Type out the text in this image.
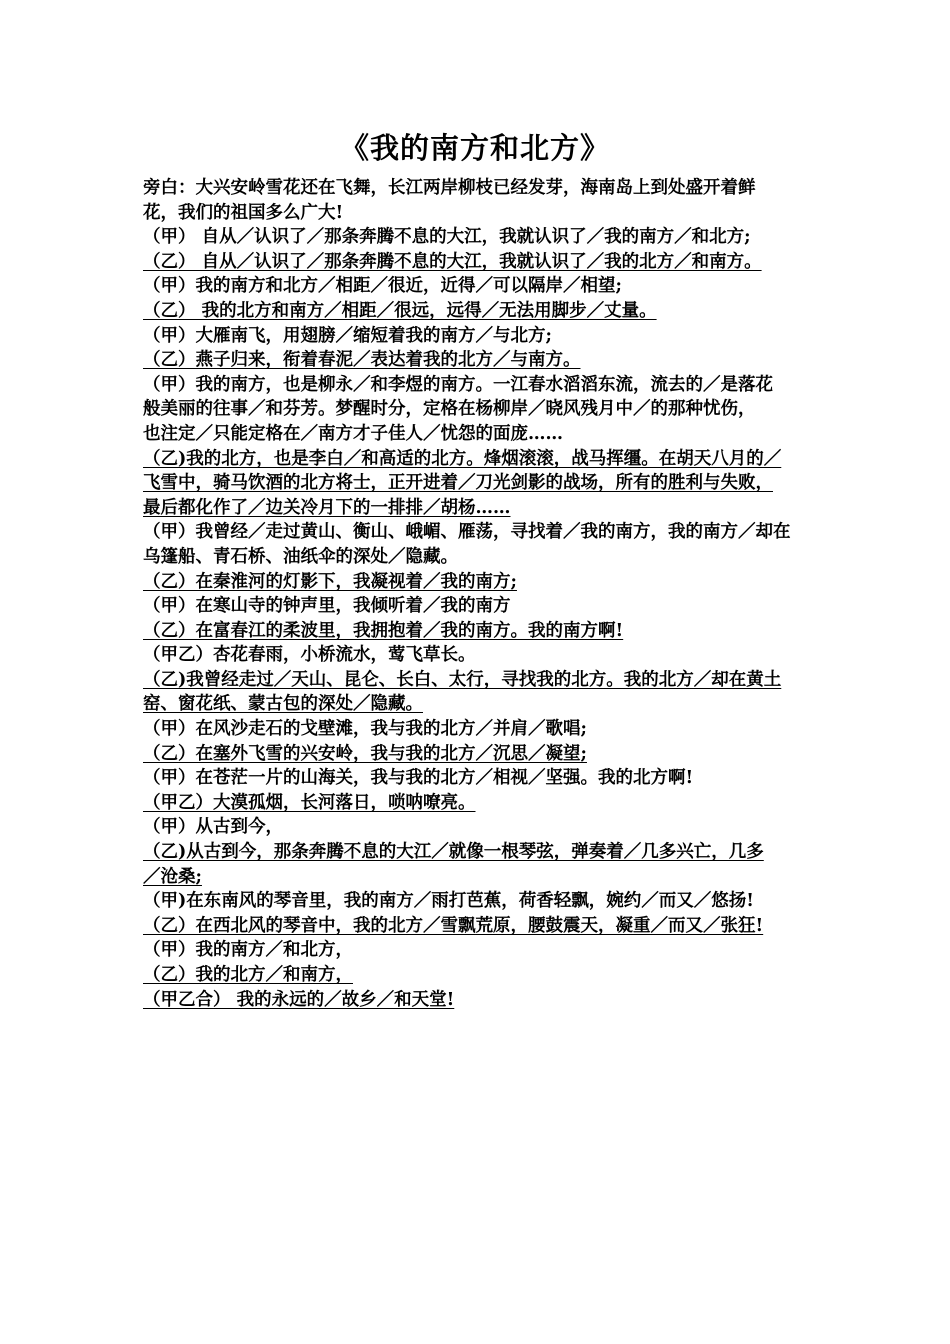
《我的南方和北方》
旁白：大兴安岭雪花还在飞舞，长江两岸柳枝已经发芽，海南岛上到处盛开着鲜
花，我们的祖国多么广大!
（甲） 自从／认识了／那条奔腾不息的大江，我就认识了／我的南方／和北方;
（乙） 自从／认识了／那条奔腾不息的大江，我就认识了／我的北方／和南方。
（甲）我的南方和北方／相距／很近，近得／可以隔岸／相望;
（乙） 我的北方和南方／相距／很远，远得／无法用脚步／丈量。
（甲）大雁南飞，用翅膀／缩短着我的南方／与北方;
（乙）燕子归来，衔着春泥／表达着我的北方／与南方。
（甲）我的南方，也是柳永／和李煜的南方。一江春水滔滔东流，流去的／是落花
般美丽的往事／和芬芳。梦醒时分，定格在杨柳岸／晓风残月中／的那种忧伤，
也注定／只能定格在／南方才子佳人／忧怨的面庞……
（乙)我的北方，也是李白／和高适的北方。烽烟滚滚，战马挥缰。在胡天八月的／
飞雪中，骑马饮酒的北方将士，正开进着／刀光剑影的战场，所有的胜利与失败，
最后都化作了／边关冷月下的一排排／胡杨……
（甲）我曾经／走过黄山、衡山、峨嵋、雁荡，寻找着／我的南方，我的南方／却在
乌篷船、青石桥、油纸伞的深处／隐藏。
（乙）在秦淮河的灯影下，我凝视着／我的南方;
（甲）在寒山寺的钟声里，我倾听着／我的南方
（乙）在富春江的柔波里，我拥抱着／我的南方。我的南方啊!
（甲乙）杏花春雨，小桥流水，莺飞草长。
（乙)我曾经走过／天山、昆仑、长白、太行，寻找我的北方。我的北方／却在黄土
窑、窗花纸、蒙古包的深处／隐藏。
（甲）在风沙走石的戈壁滩，我与我的北方／并肩／歌唱;
（乙）在塞外飞雪的兴安岭，我与我的北方／沉思／凝望;
（甲）在苍茫一片的山海关，我与我的北方／相视／坚强。我的北方啊!
（甲乙）大漠孤烟，长河落日，唢呐嘹亮。
（甲）从古到今，
（乙)从古到今，那条奔腾不息的大江／就像一根琴弦，弹奏着／几多兴亡，几多
／沧桑;
（甲)在东南风的琴音里，我的南方／雨打芭蕉，荷香轻飘，婉约／而又／悠扬!
（乙）在西北风的琴音中，我的北方／雪飘荒原，腰鼓震天，凝重／而又／张狂!
（甲）我的南方／和北方，
（乙）我的北方／和南方，
（甲乙合） 我的永远的／故乡／和天堂!
